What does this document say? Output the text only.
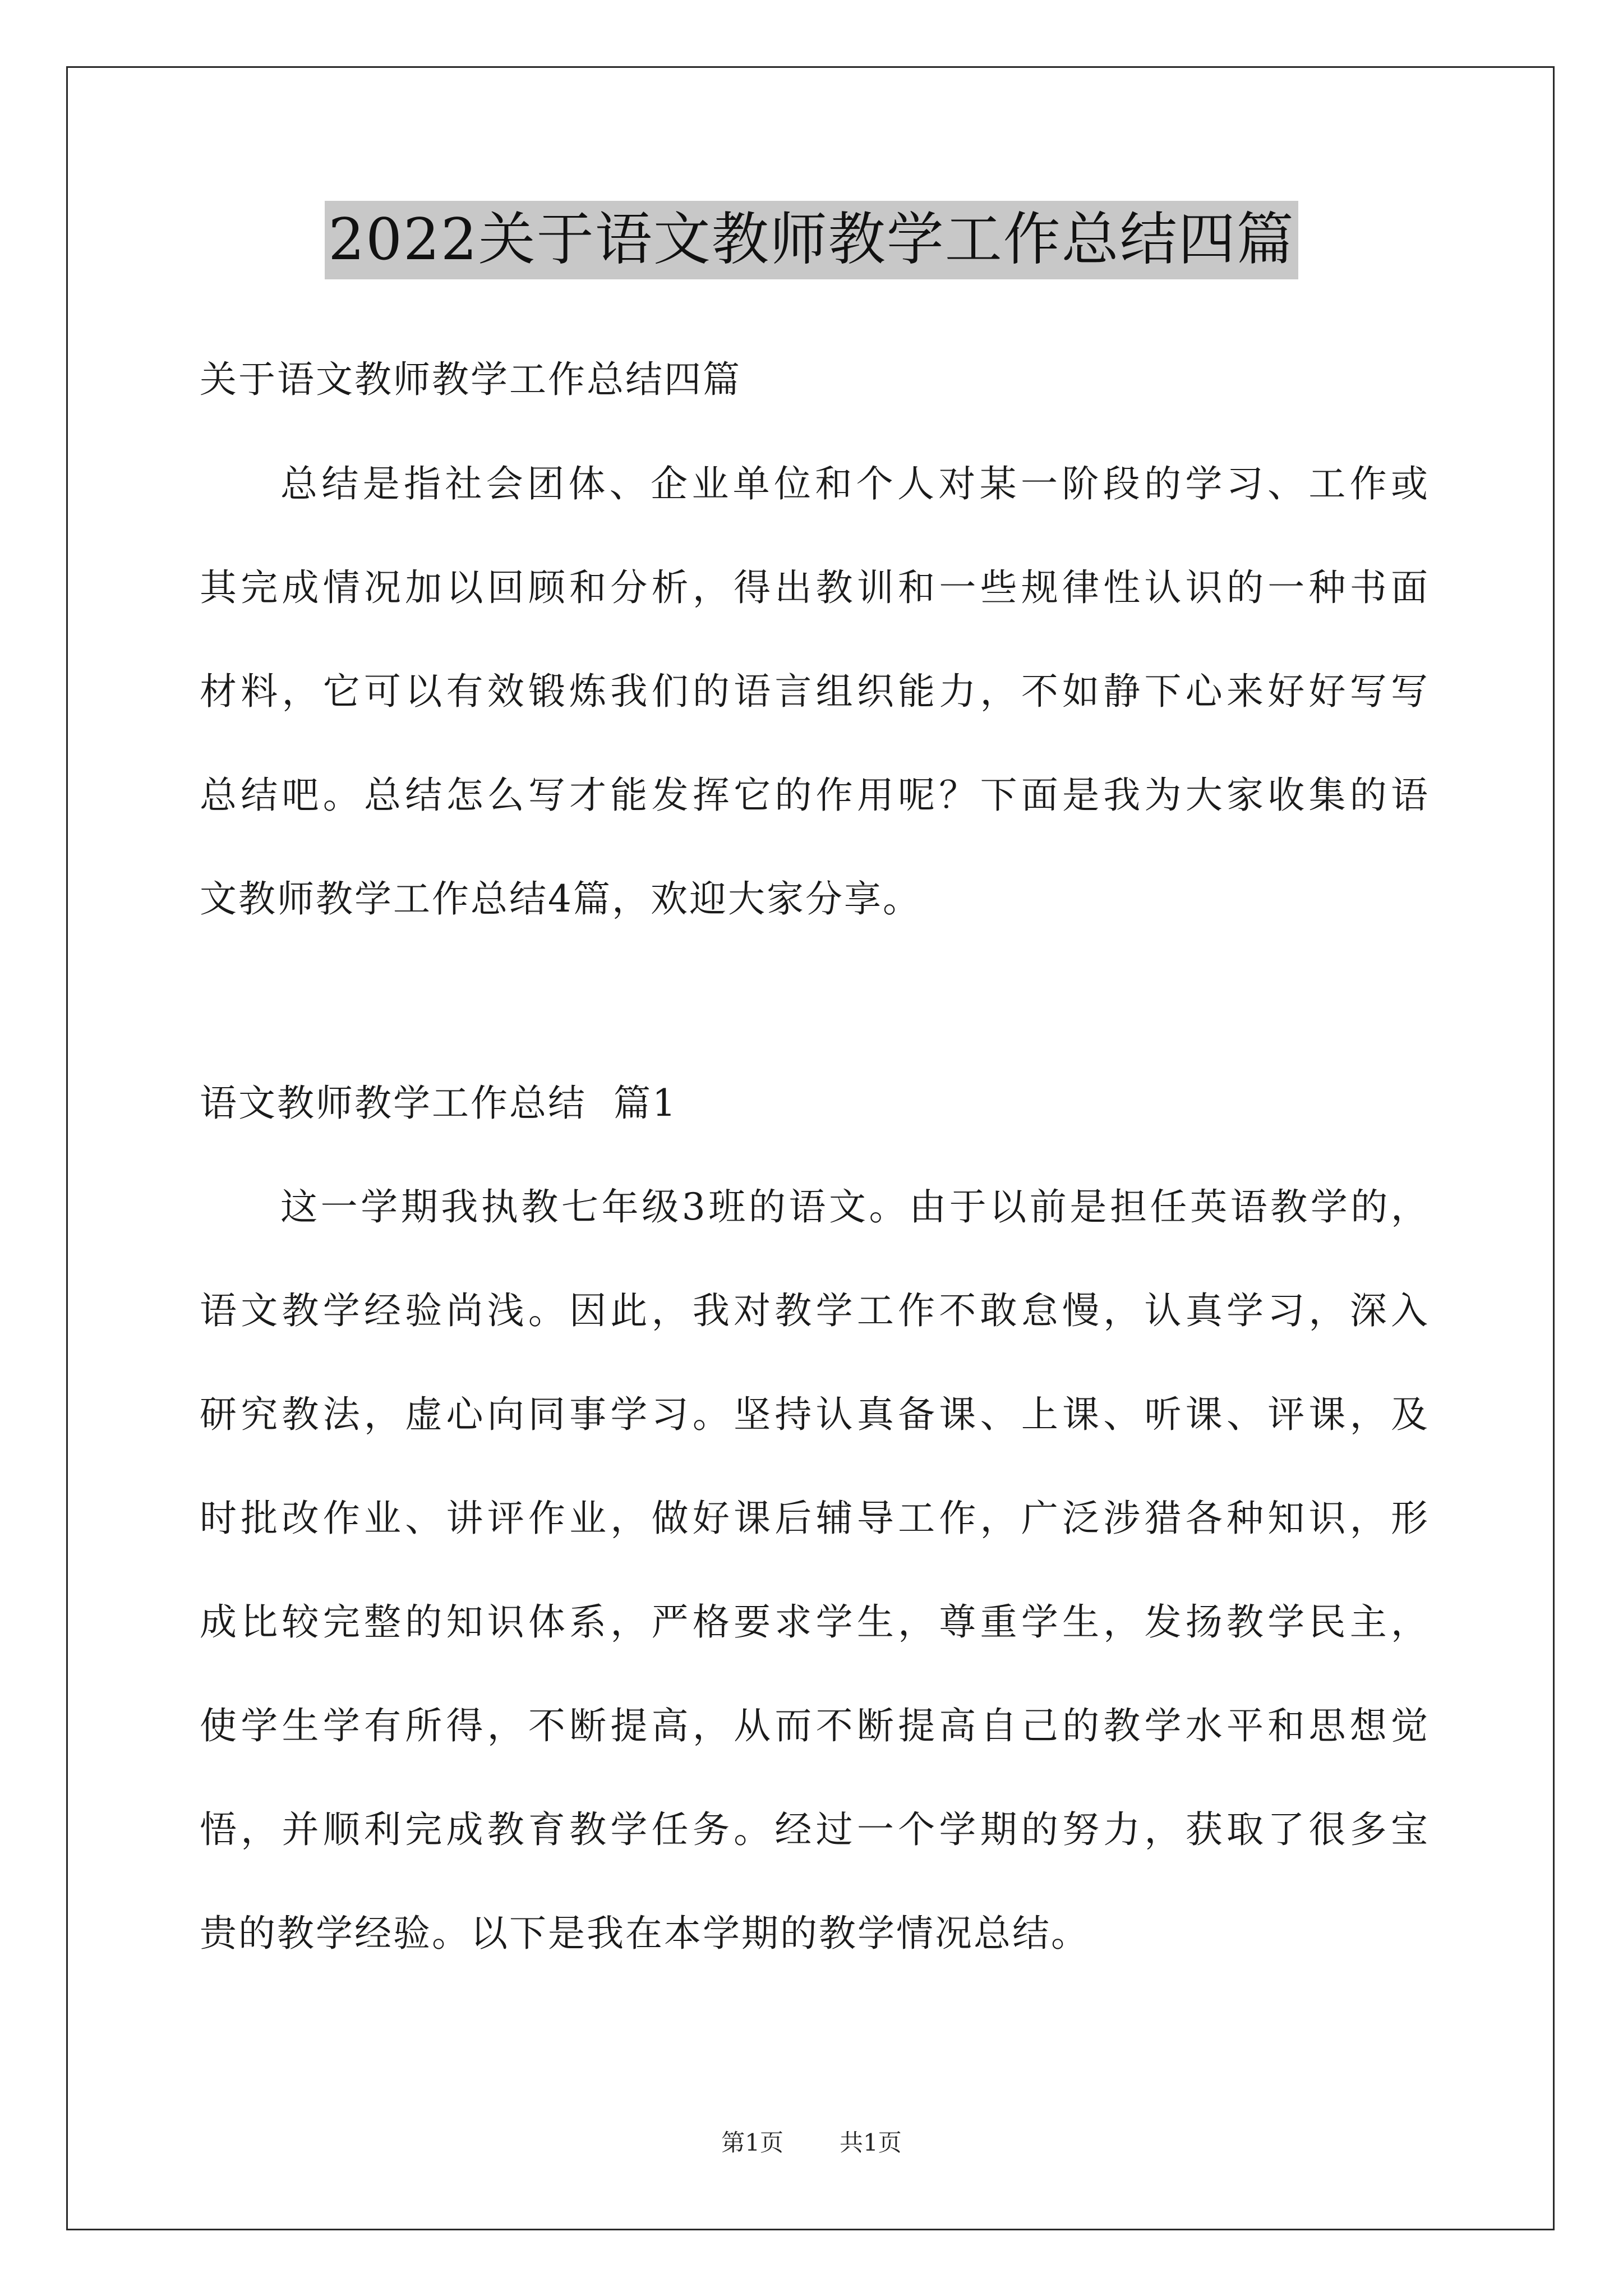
2022关于语文教师教学工作总结四篇
关于语文教师教学工作总结四篇
总结是指社会团体、企业单位和个人对某一阶段的学习、工作或
其完成情况加以回顾和分析，得出教训和一些规律性认识的一种书面
材料，它可以有效锻炼我们的语言组织能力，不如静下心来好好写写
总结吧。总结怎么写才能发挥它的作用呢？下面是我为大家收集的语
文教师教学工作总结4篇，欢迎大家分享。
语文教师教学工作总结  篇1
这一学期我执教七年级3班的语文。由于以前是担任英语教学的，
语文教学经验尚浅。因此，我对教学工作不敢怠慢，认真学习，深入
研究教法，虚心向同事学习。坚持认真备课、上课、听课、评课，及
时批改作业、讲评作业，做好课后辅导工作，广泛涉猎各种知识，形
成比较完整的知识体系，严格要求学生，尊重学生，发扬教学民主，
使学生学有所得，不断提高，从而不断提高自己的教学水平和思想觉
悟，并顺利完成教育教学任务。经过一个学期的努力，获取了很多宝
贵的教学经验。以下是我在本学期的教学情况总结。
第1页   共1页
